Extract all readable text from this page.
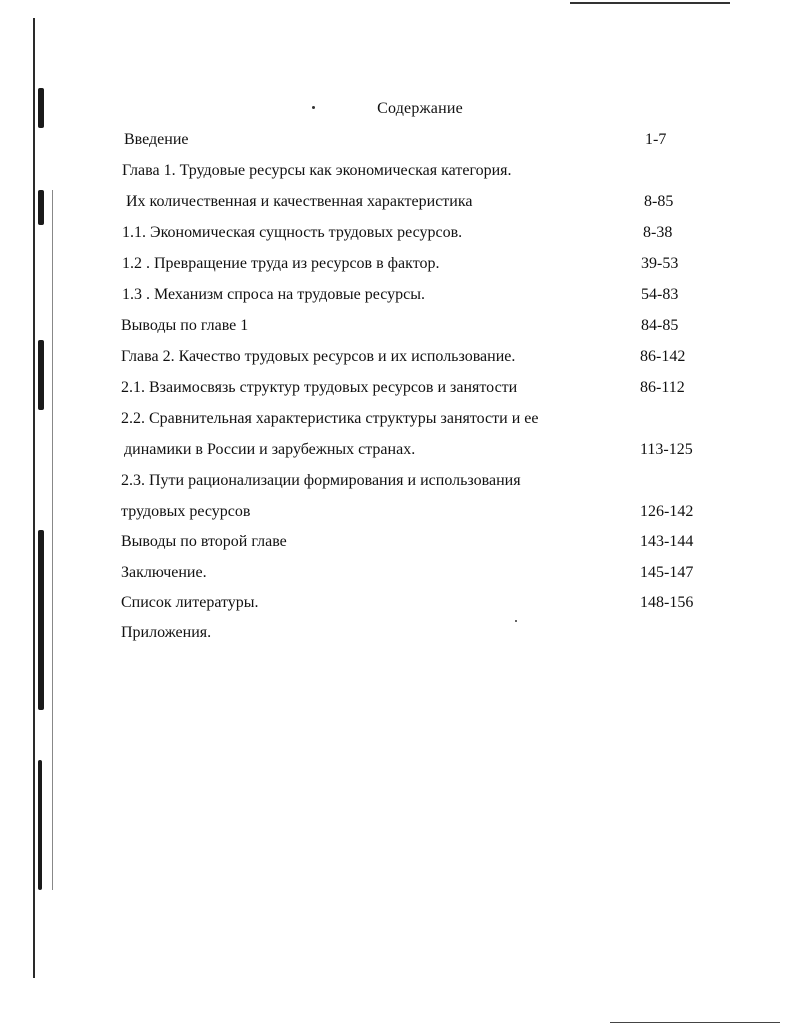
Содержание
Введение	1-7
Глава 1. Трудовые ресурсы как экономическая категория.
Их количественная и качественная характеристика	8-85
1.1. Экономическая сущность трудовых ресурсов.	8-38
1.2 . Превращение труда из ресурсов в фактор.	39-53
1.3 . Механизм спроса на трудовые ресурсы.	54-83
Выводы по главе 1	84-85
Глава 2. Качество трудовых ресурсов и их использование.	86-142
2.1. Взаимосвязь структур трудовых ресурсов и занятости	86-112
2.2. Сравнительная характеристика структуры занятости и ее
динамики в России и зарубежных странах.	113-125
2.3. Пути рационализации формирования и использования
трудовых ресурсов	126-142
Выводы по второй главе	143-144
Заключение.	145-147
Список литературы.	148-156
Приложения.
